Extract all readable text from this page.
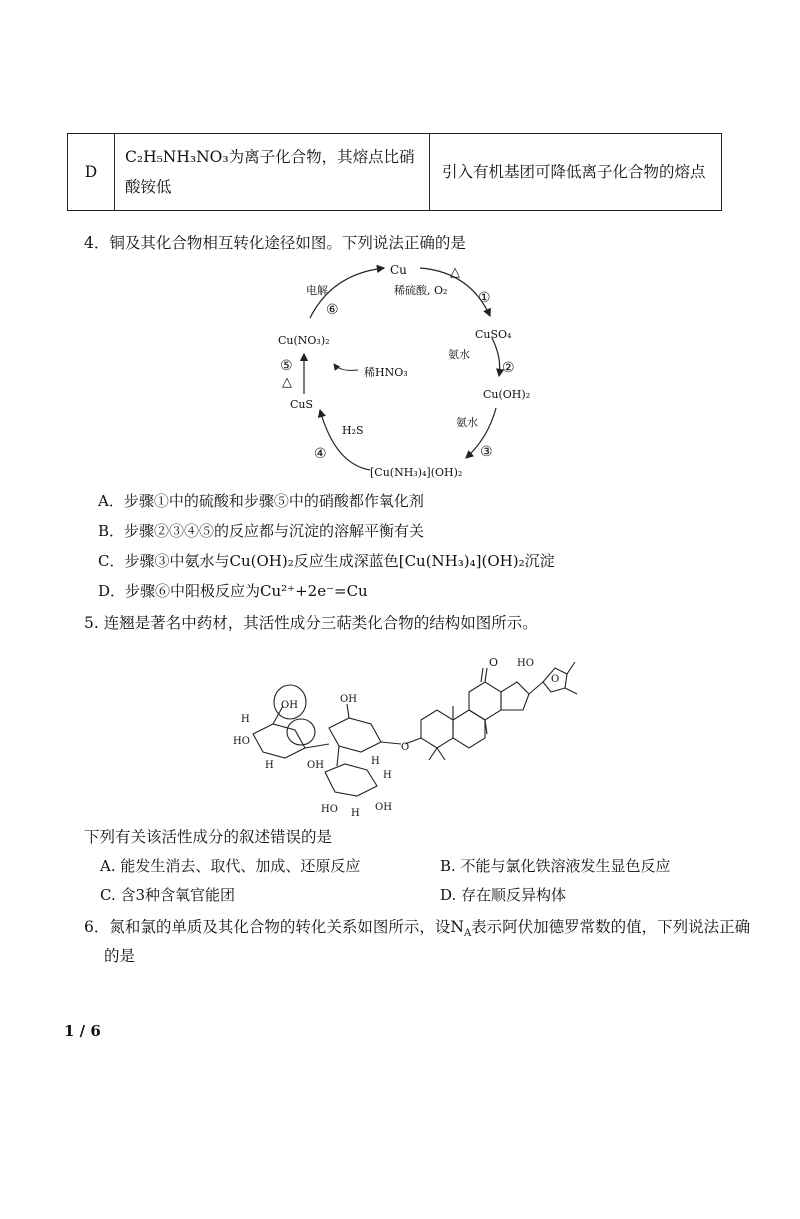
D	C₂H₅NH₃NO₃为离子化合物，其熔点比硝酸铵低	引入有机基团可降低离子化合物的熔点
4．铜及其化合物相互转化途径如图。下列说法正确的是
Cu
CuSO₄
Cu(OH)₂
[Cu(NH₃)₄](OH)₂
CuS
Cu(NO₃)₂
△
稀硫酸, O₂
氨水
氨水
H₂S
稀HNO₃
电解
△
①
②
③
④
⑤
⑥
A．步骤①中的硫酸和步骤⑤中的硝酸都作氧化剂
B．步骤②③④⑤的反应都与沉淀的溶解平衡有关
C．步骤③中氨水与Cu(OH)₂反应生成深蓝色[Cu(NH₃)₄](OH)₂沉淀
D．步骤⑥中阳极反应为Cu²⁺+2e⁻=Cu
5. 连翘是著名中药材，其活性成分三萜类化合物的结构如图所示。
O
O
HO
O
OH
OH
HO
H
H	OH
HO	OH
H
H
H
下列有关该活性成分的叙述错误的是
A. 能发生消去、取代、加成、还原反应	B. 不能与氯化铁溶液发生显色反应
C. 含3种含氧官能团	D. 存在顺反异构体
6．氮和氯的单质及其化合物的转化关系如图所示，设$N_A$表示阿伏加德罗常数的值，下列说法正确
的是
1 / 6
